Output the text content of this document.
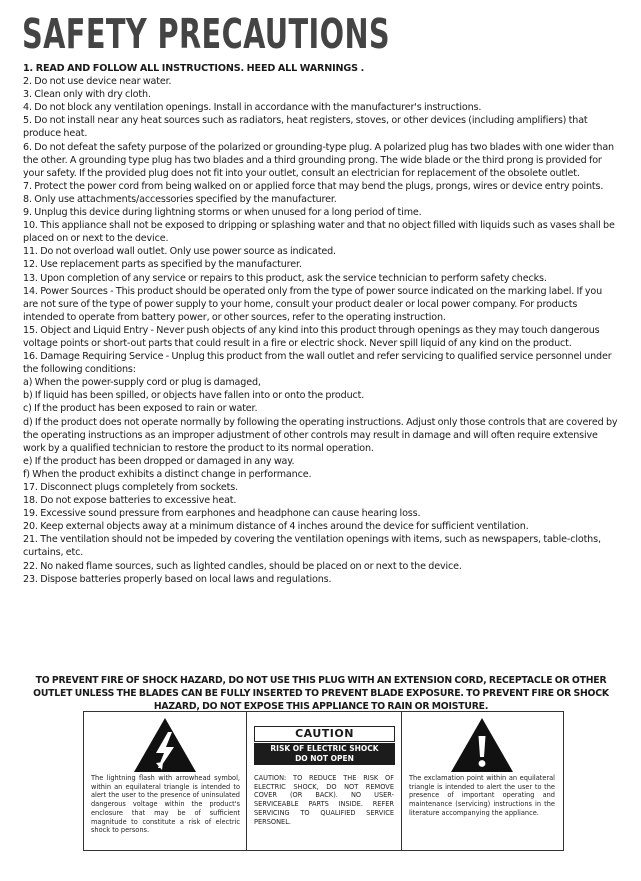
SAFETY PRECAUTIONS

1. READ AND FOLLOW ALL INSTRUCTIONS. HEED ALL WARNINGS .

2. Do not use device near water.

3. Clean only with dry cloth.

4. Do not block any ventilation openings. Install in accordance with the manufacturer's instructions.

5. Do not install near any heat sources such as radiators, heat registers, stoves, or other devices (including amplifiers) that produce heat.

6. Do not defeat the safety purpose of the polarized or grounding-type plug. A polarized plug has two blades with one wider than the other. A grounding type plug has two blades and a third grounding prong. The wide blade or the third prong is provided for your safety. If the provided plug does not fit into your outlet, consult an electrician for replacement of the obsolete outlet.

7. Protect the power cord from being walked on or applied force that may bend the plugs, prongs, wires or device entry points.

8. Only use attachments/accessories specified by the manufacturer.

9. Unplug this device during lightning storms or when unused for a long period of time.

10. This appliance shall not be exposed to dripping or splashing water and that no object filled with liquids such as vases shall be placed on or next to the device.

11. Do not overload wall outlet. Only use power source as indicated.

12. Use replacement parts as specified by the manufacturer.

13. Upon completion of any service or repairs to this product, ask the service technician to perform safety checks.

14. Power Sources - This product should be operated only from the type of power source indicated on the marking label. If you are not sure of the type of power supply to your home, consult your product dealer or local power company. For products intended to operate from battery power, or other sources, refer to the operating instruction.

15. Object and Liquid Entry - Never push objects of any kind into this product through openings as they may touch dangerous voltage points or short-out parts that could result in a fire or electric shock. Never spill liquid of any kind on the product.

16. Damage Requiring Service - Unplug this product from the wall outlet and refer servicing to qualified service personnel under the following conditions:

a) When the power-supply cord or plug is damaged,

b) If liquid has been spilled, or objects have fallen into or onto the product.

c) If the product has been exposed to rain or water.

d) If the product does not operate normally by following the operating instructions. Adjust only those controls that are covered by the operating instructions as an improper adjustment of other controls may result in damage and will often require extensive work by a qualified technician to restore the product to its normal operation.

e) If the product has been dropped or damaged in any way.

f) When the product exhibits a distinct change in performance.

17. Disconnect plugs completely from sockets.

18. Do not expose batteries to excessive heat.

19. Excessive sound pressure from earphones and headphone can cause hearing loss.

20. Keep external objects away at a minimum distance of 4 inches around the device for sufficient ventilation.

21. The ventilation should not be impeded by covering the ventilation openings with items, such as newspapers, table-cloths, curtains, etc.

22. No naked flame sources, such as lighted candles, should be placed on or next to the device.

23. Dispose batteries properly based on local laws and regulations.

TO PREVENT FIRE OF SHOCK HAZARD, DO NOT USE THIS PLUG WITH AN EXTENSION CORD, RECEPTACLE OR OTHER OUTLET UNLESS THE BLADES CAN BE FULLY INSERTED TO PREVENT BLADE EXPOSURE. TO PREVENT FIRE OR SHOCK HAZARD, DO NOT EXPOSE THIS APPLIANCE TO RAIN OR MOISTURE.
The lightning flash with arrowhead symbol, within an equilateral triangle is intended to alert the user to the presence of uninsulated dangerous voltage within the product's enclosure that may be of sufficient magnitude to constitute a risk of electric shock to persons.
CAUTION
RISK OF ELECTRIC SHOCK
DO NOT OPEN
CAUTION: TO REDUCE THE RISK OF ELECTRIC SHOCK, DO NOT REMOVE COVER (OR BACK). NO USER-SERVICEABLE PARTS INSIDE. REFER SERVICING TO QUALIFIED SERVICE PERSONEL.
The exclamation point within an equilateral triangle is intended to alert the user to the presence of important operating and maintenance (servicing) instructions in the literature accompanying the appliance.
